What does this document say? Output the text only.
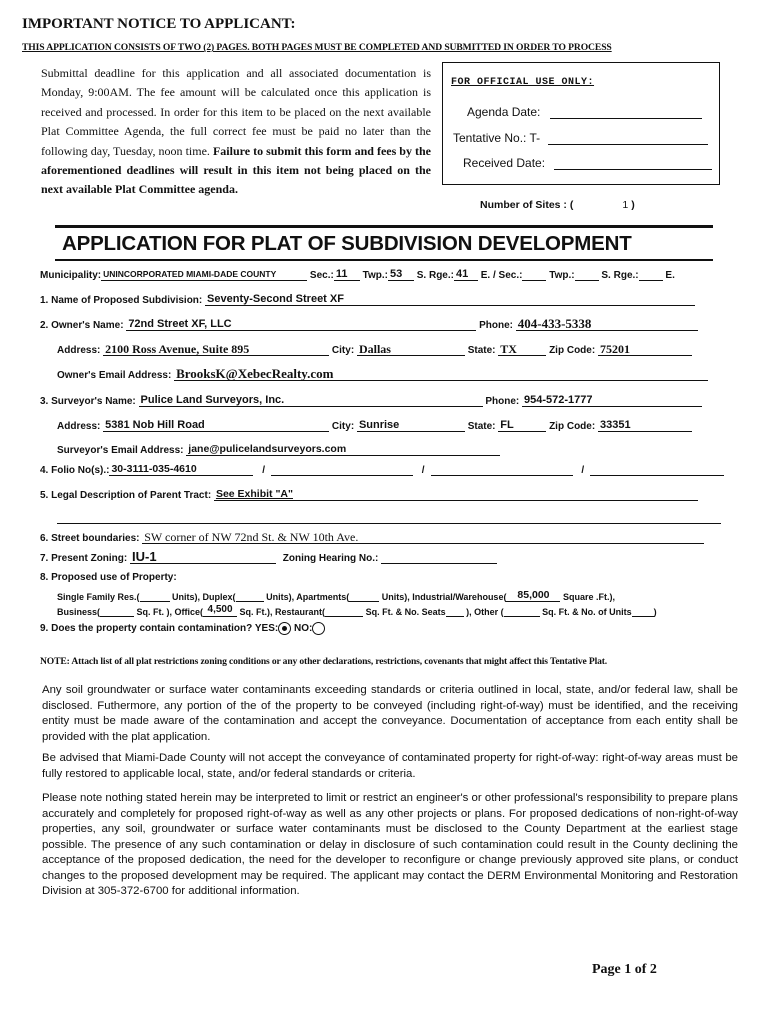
IMPORTANT NOTICE TO APPLICANT:
THIS APPLICATION CONSISTS OF TWO (2) PAGES. BOTH PAGES MUST BE COMPLETED AND SUBMITTED IN ORDER TO PROCESS
Submittal deadline for this application and all associated documentation is Monday, 9:00AM. The fee amount will be calculated once this application is received and processed. In order for this item to be placed on the next available Plat Committee Agenda, the full correct fee must be paid no later than the following day, Tuesday, noon time. Failure to submit this form and fees by the aforementioned deadlines will result in this item not being placed on the next available Plat Committee agenda.
FOR OFFICIAL USE ONLY:
Agenda Date:
Tentative No.: T-
Received Date:
Number of Sites : (	1 )
APPLICATION FOR PLAT OF SUBDIVISION DEVELOPMENT
Municipality: UNINCORPORATED MIAMI-DADE COUNTY	Sec.: 11 Twp.: 53 S. Rge.: 41 E. / Sec.:	Twp.:	S. Rge.:	E.
1. Name of Proposed Subdivision: Seventy-Second Street XF
2. Owner's Name: 72nd Street XF, LLC	Phone: 404-433-5338
Address: 2100 Ross Avenue, Suite 895	City: Dallas	State: TX	Zip Code: 75201
Owner's Email Address: BrooksK@XebecRealty.com
3. Surveyor's Name: Pulice Land Surveyors, Inc.	Phone: 954-572-1777
Address: 5381 Nob Hill Road	City: Sunrise	State: FL	Zip Code: 33351
Surveyor's Email Address: jane@pulicelandsurveyors.com
4. Folio No(s).: 30-3111-035-4610	/	/	/
5. Legal Description of Parent Tract: See Exhibit "A"
6. Street boundaries: SW corner of NW 72nd St. & NW 10th Ave.
7. Present Zoning: IU-1	Zoning Hearing No.:
8. Proposed use of Property:
Single Family Res.(	Units), Duplex(	Units), Apartments(	Units), Industrial/Warehouse( 85,000 Square .Ft.),
Business(	Sq. Ft. ), Office( 4,500 Sq. Ft.), Restaurant(	Sq. Ft. & No. Seats ), Other (	Sq. Ft. & No. of Units )
9. Does the property contain contamination? YES: NO:
NOTE: Attach list of all plat restrictions zoning conditions or any other declarations, restrictions, covenants that might affect this Tentative Plat.

Any soil groundwater or surface water contaminants exceeding standards or criteria outlined in local, state, and/or federal law, shall be disclosed. Futhermore, any portion of the of the property to be conveyed (including right-of-way) must be identified, and the receiving entity must be made aware of the contamination and accept the conveyance. Documentation of acceptance from each entity shall be provided with the plat application.

Be advised that Miami-Dade County will not accept the conveyance of contaminated property for right-of-way: right-of-way areas must be fully restored to applicable local, state, and/or federal standards or criteria.

Please note nothing stated herein may be interpreted to limit or restrict an engineer's or other professional's responsibility to prepare plans accurately and completely for proposed right-of-way as well as any other projects or plans. For proposed dedications of non-right-of-way properties, any soil, groundwater or surface water contaminants must be disclosed to the County Department at the earliest stage possible. The presence of any such contamination or delay in disclosure of such contamination could result in the County declining the acceptance of the proposed dedication, the need for the developer to reconfigure or change previously approved site plans, or conduct changes to the proposed development may be required. The applicant may contact the DERM Environmental Monitoring and Restoration Division at 305-372-6700 for additional information.

Page 1 of 2
